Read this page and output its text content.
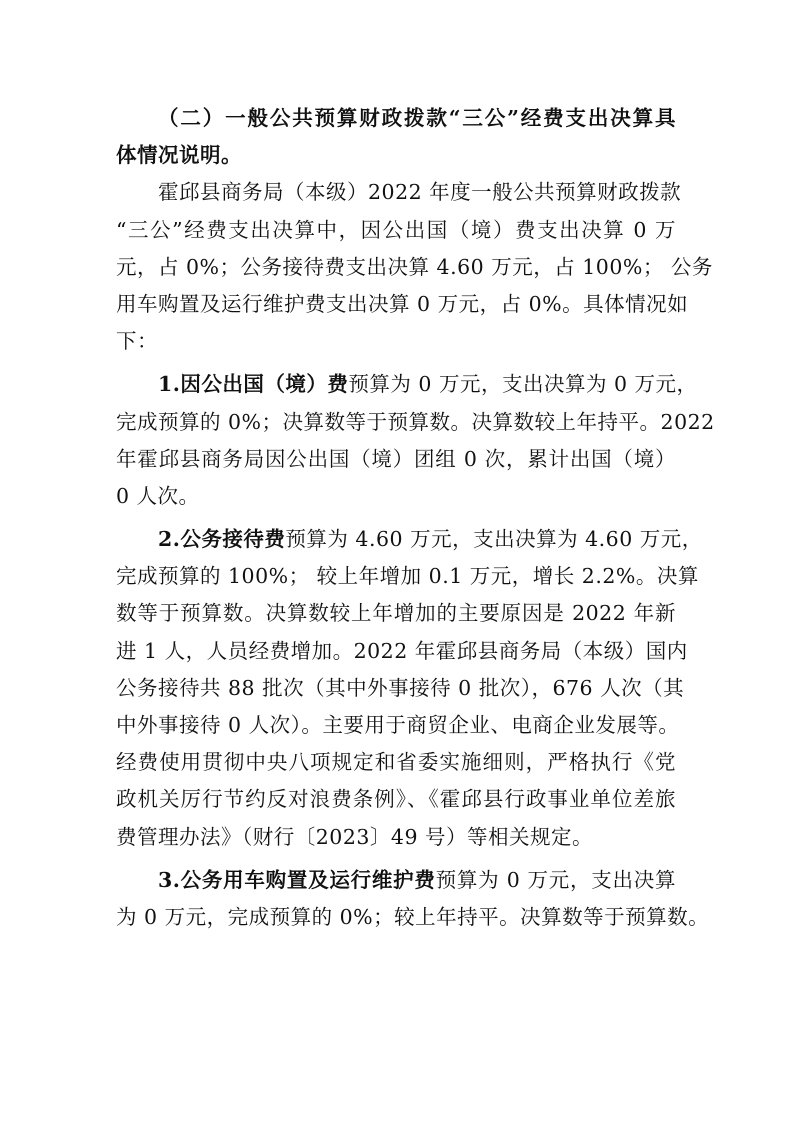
（二）一般公共预算财政拨款“三公”经费支出决算具
体情况说明。
霍邱县商务局（本级）2022 年度一般公共预算财政拨款
“三公”经费支出决算中，因公出国（境）费支出决算 0 万
元，占 0%；公务接待费支出决算 4.60 万元，占 100%； 公务
用车购置及运行维护费支出决算 0 万元，占 0%。具体情况如
下：
1.因公出国（境）费预算为 0 万元，支出决算为 0 万元，
完成预算的 0%；决算数等于预算数。决算数较上年持平。2022
年霍邱县商务局因公出国（境）团组 0 次，累计出国（境）
0 人次。
2.公务接待费预算为 4.60 万元，支出决算为 4.60 万元，
完成预算的 100%； 较上年增加 0.1 万元，增长 2.2%。决算
数等于预算数。决算数较上年增加的主要原因是 2022 年新
进 1 人，人员经费增加。2022 年霍邱县商务局（本级）国内
公务接待共 88 批次（其中外事接待 0 批次），676 人次（其
中外事接待 0 人次）。主要用于商贸企业、电商企业发展等。
经费使用贯彻中央八项规定和省委实施细则，严格执行《党
政机关厉行节约反对浪费条例》、《霍邱县行政事业单位差旅
费管理办法》（财行〔2023〕49 号）等相关规定。
3.公务用车购置及运行维护费预算为 0 万元，支出决算
为 0 万元，完成预算的 0%；较上年持平。决算数等于预算数。
